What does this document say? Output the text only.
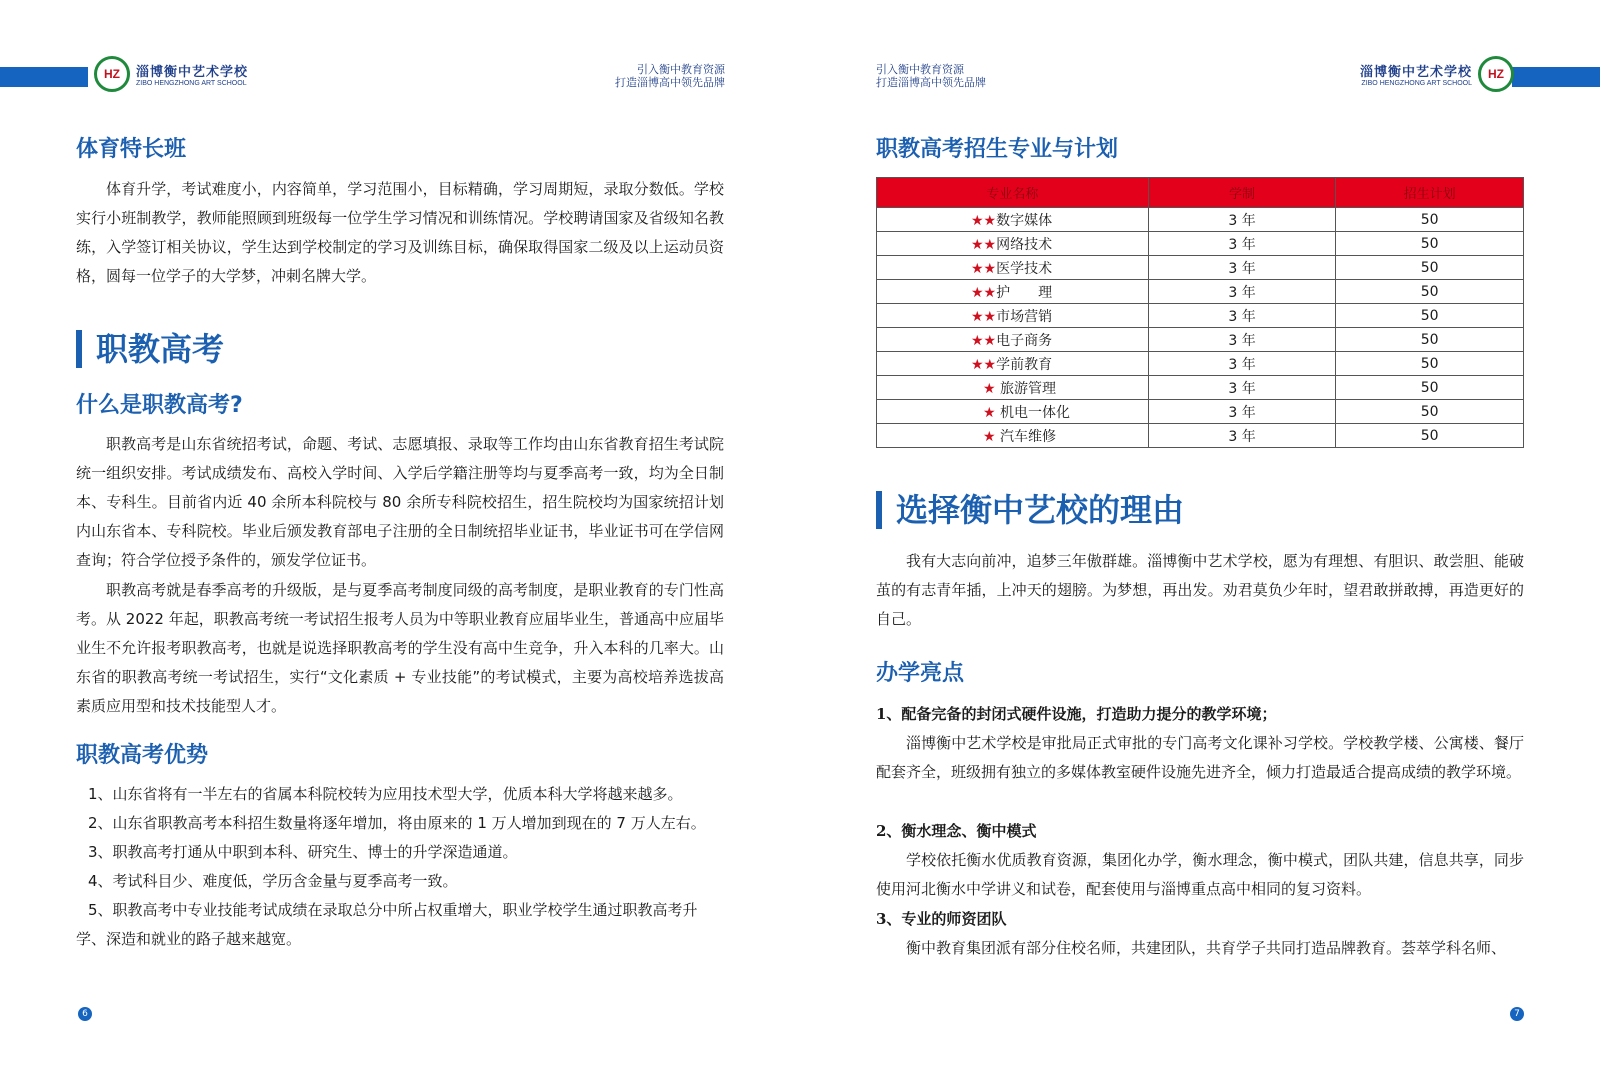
HZ 淄博衡中艺术学校
ZIBO HENGZHONG ART SCHOOL
引入衡中教育资源
打造淄博高中领先品牌
体育特长班

体育升学，考试难度小，内容简单，学习范围小，目标精确，学习周期短，录取分数低。学校实行小班制教学，教师能照顾到班级每一位学生学习情况和训练情况。学校聘请国家及省级知名教练，入学签订相关协议，学生达到学校制定的学习及训练目标，确保取得国家二级及以上运动员资格，圆每一位学子的大学梦，冲刺名牌大学。

职教高考
什么是职教高考?

职教高考是山东省统招考试，命题、考试、志愿填报、录取等工作均由山东省教育招生考试院统一组织安排。考试成绩发布、高校入学时间、入学后学籍注册等均与夏季高考一致，均为全日制本、专科生。目前省内近 40 余所本科院校与 80 余所专科院校招生，招生院校均为国家统招计划内山东省本、专科院校。毕业后颁发教育部电子注册的全日制统招毕业证书，毕业证书可在学信网查询；符合学位授予条件的，颁发学位证书。

职教高考就是春季高考的升级版，是与夏季高考制度同级的高考制度，是职业教育的专门性高考。从 2022 年起，职教高考统一考试招生报考人员为中等职业教育应届毕业生，普通高中应届毕业生不允许报考职教高考，也就是说选择职教高考的学生没有高中生竞争，升入本科的几率大。山东省的职教高考统一考试招生，实行“文化素质 + 专业技能”的考试模式，主要为高校培养选拔高素质应用型和技术技能型人才。

职教高考优势
1、山东省将有一半左右的省属本科院校转为应用技术型大学，优质本科大学将越来越多。
2、山东省职教高考本科招生数量将逐年增加，将由原来的 1 万人增加到现在的 7 万人左右。
3、职教高考打通从中职到本科、研究生、博士的升学深造通道。
4、考试科目少、难度低，学历含金量与夏季高考一致。
5、职教高考中专业技能考试成绩在录取总分中所占权重增大，职业学校学生通过职教高考升学、深造和就业的路子越来越宽。
6
引入衡中教育资源
打造淄博高中领先品牌
淄博衡中艺术学校
ZIBO HENGZHONG ART SCHOOL
HZ
职教高考招生专业与计划
选择衡中艺校的理由

我有大志向前冲，追梦三年傲群雄。淄博衡中艺术学校，愿为有理想、有胆识、敢尝胆、能破茧的有志青年插，上冲天的翅膀。为梦想，再出发。劝君莫负少年时，望君敢拼敢搏，再造更好的自己。

办学亮点
1、配备完备的封闭式硬件设施，打造助力提分的教学环境；

淄博衡中艺术学校是审批局正式审批的专门高考文化课补习学校。学校教学楼、公寓楼、餐厅配套齐全，班级拥有独立的多媒体教室硬件设施先进齐全，倾力打造最适合提高成绩的教学环境。

2、衡水理念、衡中模式

学校依托衡水优质教育资源，集团化办学，衡水理念，衡中模式，团队共建，信息共享，同步使用河北衡水中学讲义和试卷，配套使用与淄博重点高中相同的复习资料。

3、专业的师资团队

衡中教育集团派有部分住校名师，共建团队，共育学子共同打造品牌教育。荟萃学科名师、

7
专业名称	学制	招生计划
★★数字媒体	3 年	50
★★网络技术	3 年	50
★★医学技术	3 年	50
★★护　　理	3 年	50
★★市场营销	3 年	50
★★电子商务	3 年	50
★★学前教育	3 年	50
★ 旅游管理	3 年	50
★ 机电一体化	3 年	50
★ 汽车维修	3 年	50
